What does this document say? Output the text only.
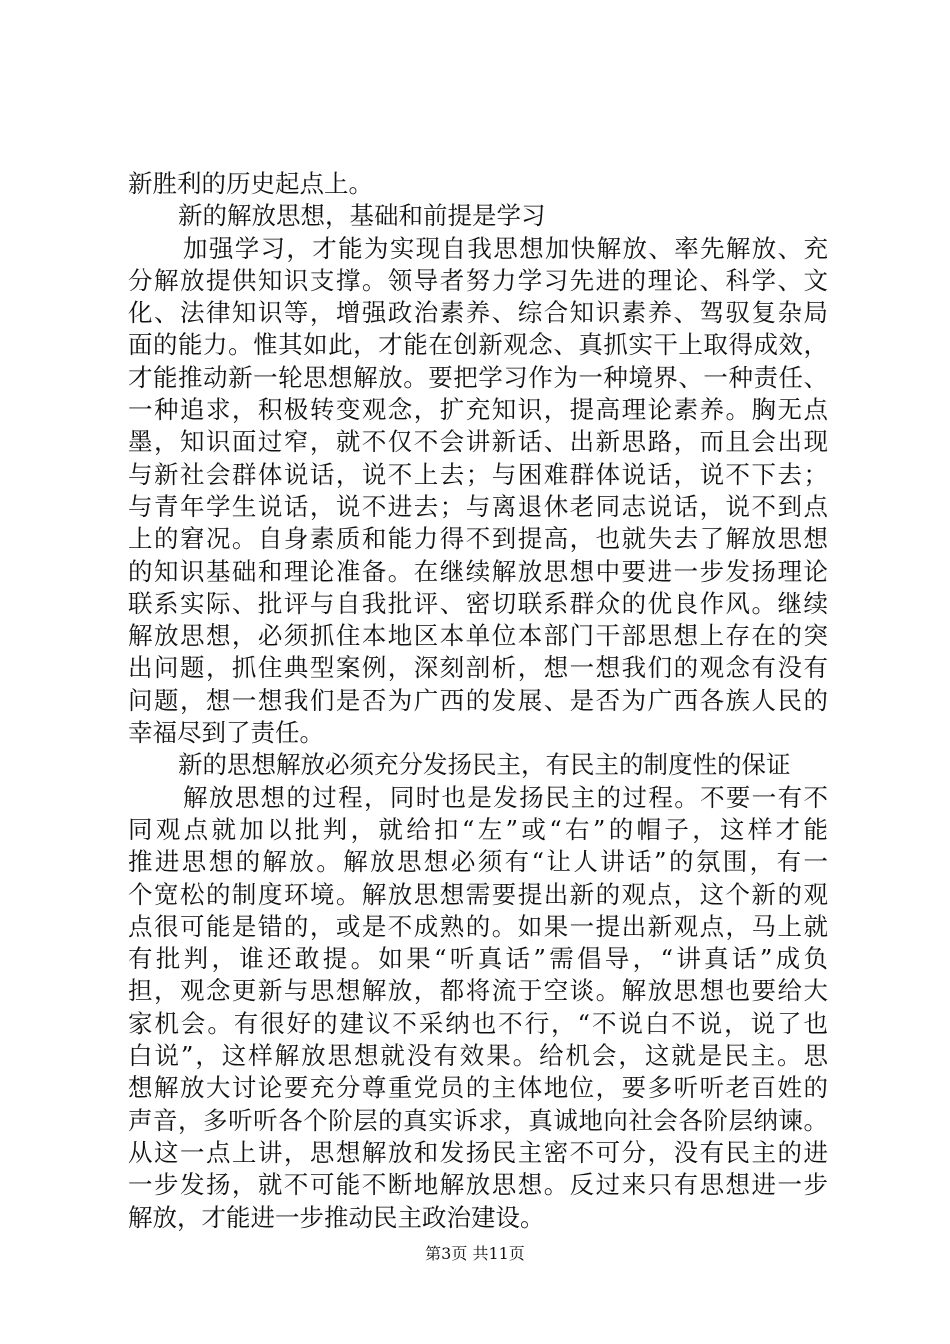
新胜利的历史起点上。
新的解放思想，基础和前提是学习
加强学习，才能为实现自我思想加快解放、率先解放、充
分解放提供知识支撑。领导者努力学习先进的理论、科学、文
化、法律知识等，增强政治素养、综合知识素养、驾驭复杂局
面的能力。惟其如此，才能在创新观念、真抓实干上取得成效，
才能推动新一轮思想解放。要把学习作为一种境界、一种责任、
一种追求，积极转变观念，扩充知识，提高理论素养。胸无点
墨，知识面过窄，就不仅不会讲新话、出新思路，而且会出现
与新社会群体说话，说不上去；与困难群体说话，说不下去；
与青年学生说话，说不进去；与离退休老同志说话，说不到点
上的窘况。自身素质和能力得不到提高，也就失去了解放思想
的知识基础和理论准备。在继续解放思想中要进一步发扬理论
联系实际、批评与自我批评、密切联系群众的优良作风。继续
解放思想，必须抓住本地区本单位本部门干部思想上存在的突
出问题，抓住典型案例，深刻剖析，想一想我们的观念有没有
问题，想一想我们是否为广西的发展、是否为广西各族人民的
幸福尽到了责任。
新的思想解放必须充分发扬民主，有民主的制度性的保证
解放思想的过程，同时也是发扬民主的过程。不要一有不
同观点就加以批判，就给扣“左”或“右”的帽子，这样才能
推进思想的解放。解放思想必须有“让人讲话”的氛围，有一
个宽松的制度环境。解放思想需要提出新的观点，这个新的观
点很可能是错的，或是不成熟的。如果一提出新观点，马上就
有批判，谁还敢提。如果“听真话”需倡导，“讲真话”成负
担，观念更新与思想解放，都将流于空谈。解放思想也要给大
家机会。有很好的建议不采纳也不行，“不说白不说，说了也
白说”，这样解放思想就没有效果。给机会，这就是民主。思
想解放大讨论要充分尊重党员的主体地位，要多听听老百姓的
声音，多听听各个阶层的真实诉求，真诚地向社会各阶层纳谏。
从这一点上讲，思想解放和发扬民主密不可分，没有民主的进
一步发扬，就不可能不断地解放思想。反过来只有思想进一步
解放，才能进一步推动民主政治建设。
第3页 共11页
